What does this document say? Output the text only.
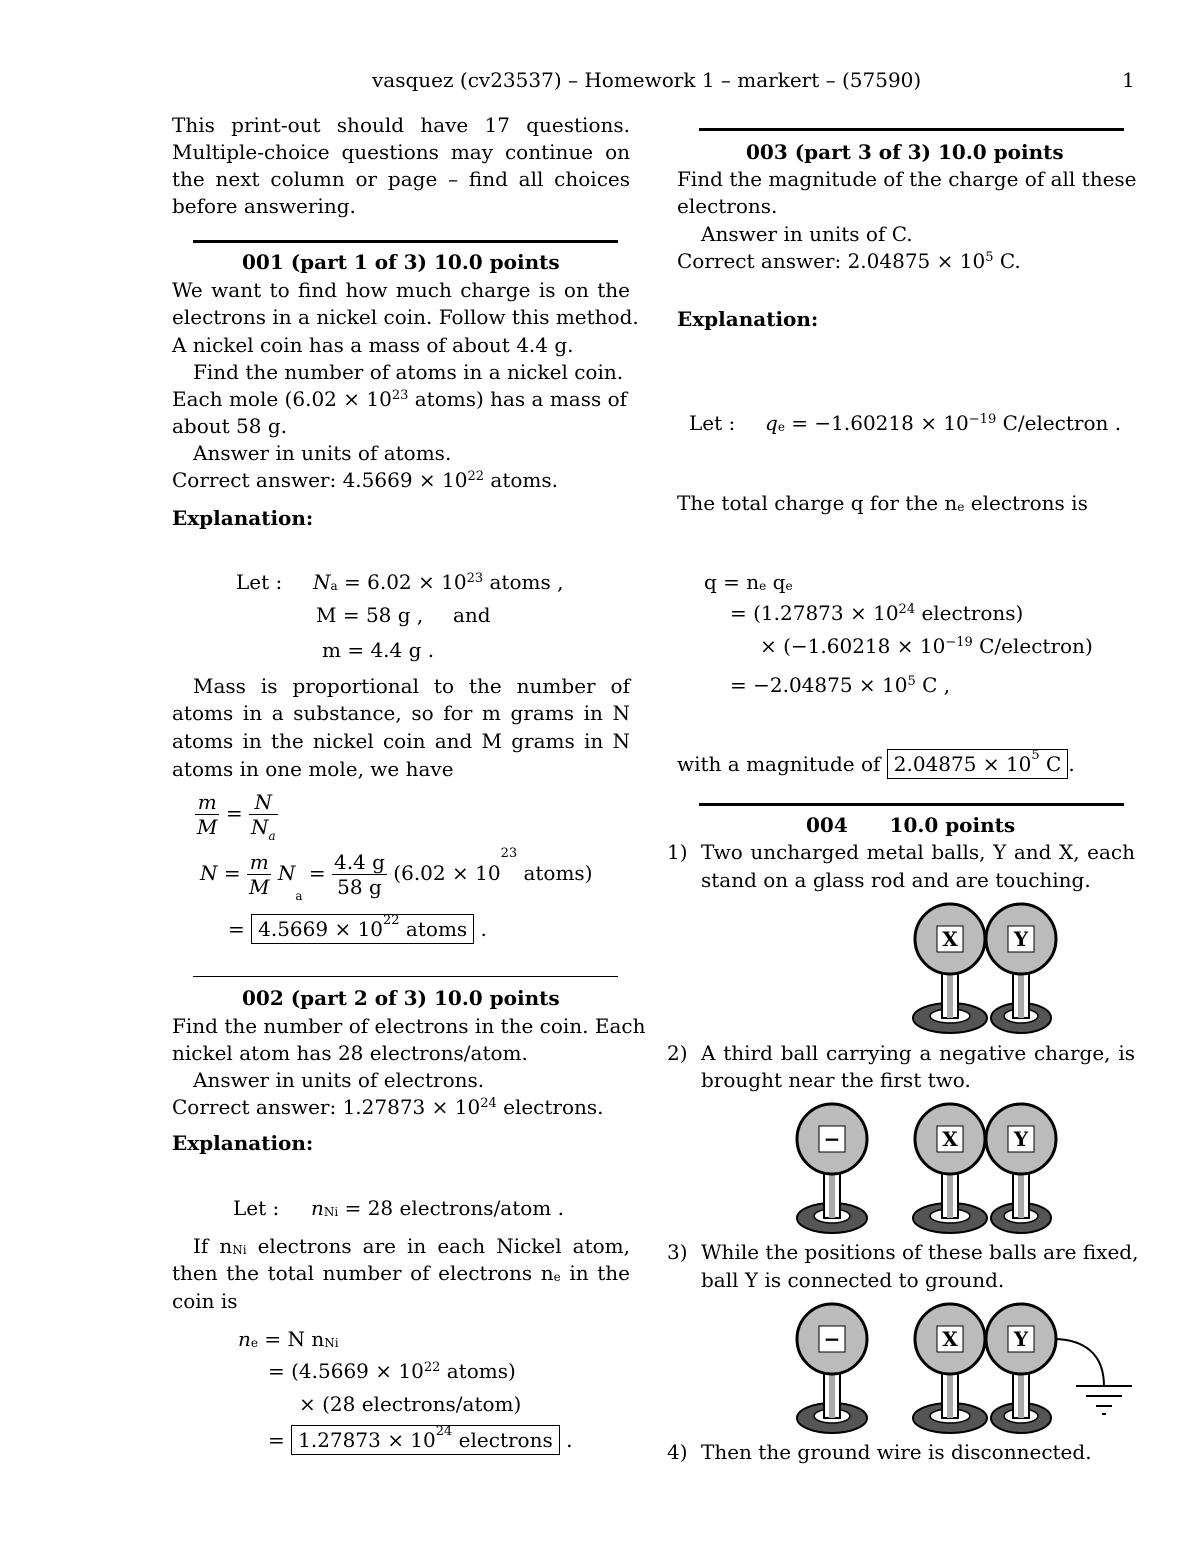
vasquez (cv23537) – Homework 1 – markert – (57590)	1
This print-out should have 17 questions.
Multiple-choice questions may continue on
the next column or page – find all choices
before answering.
001 (part 1 of 3) 10.0 points
We want to find how much charge is on the
electrons in a nickel coin. Follow this method.
A nickel coin has a mass of about 4.4 g.
Find the number of atoms in a nickel coin.
Each mole ($6.02 \times 10^{23}$ atoms) has a mass of
about 58 g.
Answer in units of atoms.
Correct answer: $4.5669 \times 10^{22}$ atoms.
Explanation:
Let : $N_a = 6.02 \times 10^{23}$ atoms ,
M = 58 g , and
m = 4.4 g .
Mass is proportional to the number of
atoms in a substance, so for m grams in N
atoms in the nickel coin and M grams in N
atoms in one mole, we have
$\frac{m}{M} = \frac{N}{N_a}$
$N = \frac{m}{M} N_a = \frac{4.4 g}{58 g} (6.02 \times 10^{23}$ atoms)
= $4.5669 \times 10^{22}$ atoms .
002 (part 2 of 3) 10.0 points
Find the number of electrons in the coin. Each
nickel atom has 28 electrons/atom.
Answer in units of electrons.
Correct answer: $1.27873 \times 10^{24}$ electrons.
Explanation:
Let : $n_{Ni} = 28$ electrons/atom .
If $n_{Ni}$ electrons are in each Nickel atom,
then the total number of electrons $n_e$ in the
coin is
$n_e = N$ $n_{Ni}$
= ($4.5669 \times 10^{22}$ atoms)
× (28 electrons/atom)
= $1.27873 \times 10^{24}$ electrons .
003 (part 3 of 3) 10.0 points
Find the magnitude of the charge of all these
electrons.
Answer in units of C.
Correct answer: $2.04875 \times 10^5$ C.
Explanation:
Let : $q_e = -1.60218 \times 10^{-19}$ C/electron .
The total charge q for the $n_e$ electrons is
$q = n_e$ $q_e$
= ($1.27873 \times 10^{24}$ electrons)
× ($-1.60218 \times 10^{-19}$ C/electron)
= $-2.04875 \times 10^5$ C ,
with a magnitude of $2.04875 \times 10^5$ C .
004      10.0 points
1) Two uncharged metal balls, Y and X, each
stand on a glass rod and are touching.
X	Y
2) A third ball carrying a negative charge, is
brought near the first two.
−	X	Y
3) While the positions of these balls are fixed,
ball Y is connected to ground.
−	X	Y
4) Then the ground wire is disconnected.
